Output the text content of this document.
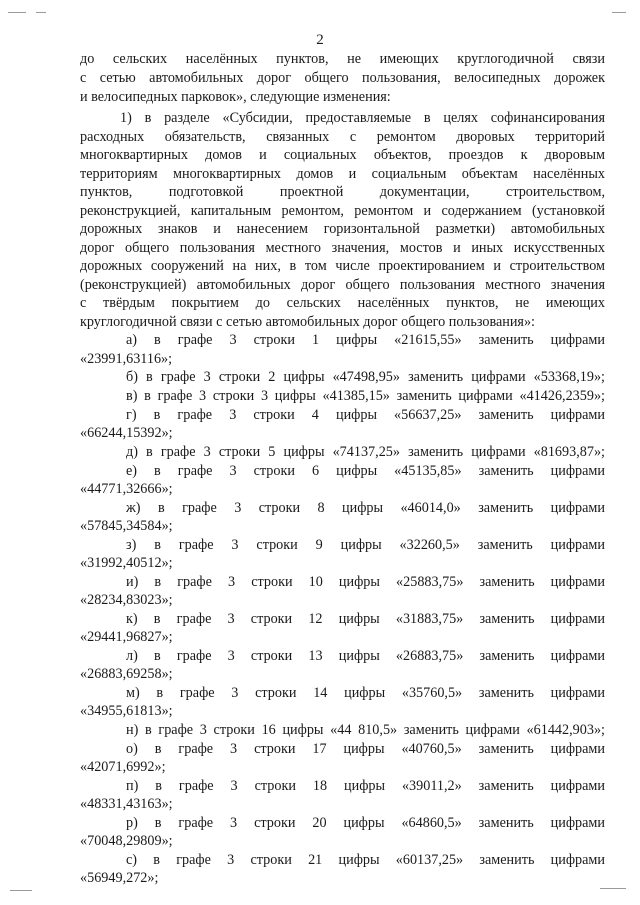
2
до сельских населённых пунктов, не имеющих круглогодичной связи
с сетью автомобильных дорог общего пользования, велосипедных дорожек
и велосипедных парковок», следующие изменения:
1) в разделе «Субсидии, предоставляемые в целях софинансирования
расходных обязательств, связанных с ремонтом дворовых территорий
многоквартирных домов и социальных объектов, проездов к дворовым
территориям многоквартирных домов и социальным объектам населённых
пунктов, подготовкой проектной документации, строительством,
реконструкцией, капитальным ремонтом, ремонтом и содержанием (установкой
дорожных знаков и нанесением горизонтальной разметки) автомобильных
дорог общего пользования местного значения, мостов и иных искусственных
дорожных сооружений на них, в том числе проектированием и строительством
(реконструкцией) автомобильных дорог общего пользования местного значения
с твёрдым покрытием до сельских населённых пунктов, не имеющих
круглогодичной связи с сетью автомобильных дорог общего пользования»:
а) в графе 3 строки 1 цифры «21615,55» заменить цифрами
«23991,63116»;
б) в графе 3 строки 2 цифры «47498,95» заменить цифрами «53368,19»;
в) в графе 3 строки 3 цифры «41385,15» заменить цифрами «41426,2359»;
г) в графе 3 строки 4 цифры «56637,25» заменить цифрами
«66244,15392»;
д) в графе 3 строки 5 цифры «74137,25» заменить цифрами «81693,87»;
е) в графе 3 строки 6 цифры «45135,85» заменить цифрами
«44771,32666»;
ж) в графе 3 строки 8 цифры «46014,0» заменить цифрами
«57845,34584»;
з) в графе 3 строки 9 цифры «32260,5» заменить цифрами
«31992,40512»;
и) в графе 3 строки 10 цифры «25883,75» заменить цифрами
«28234,83023»;
к) в графе 3 строки 12 цифры «31883,75» заменить цифрами
«29441,96827»;
л) в графе 3 строки 13 цифры «26883,75» заменить цифрами
«26883,69258»;
м) в графе 3 строки 14 цифры «35760,5» заменить цифрами
«34955,61813»;
н) в графе 3 строки 16 цифры «44 810,5» заменить цифрами «61442,903»;
о) в графе 3 строки 17 цифры «40760,5» заменить цифрами
«42071,6992»;
п) в графе 3 строки 18 цифры «39011,2» заменить цифрами
«48331,43163»;
р) в графе 3 строки 20 цифры «64860,5» заменить цифрами
«70048,29809»;
с) в графе 3 строки 21 цифры «60137,25» заменить цифрами
«56949,272»;
